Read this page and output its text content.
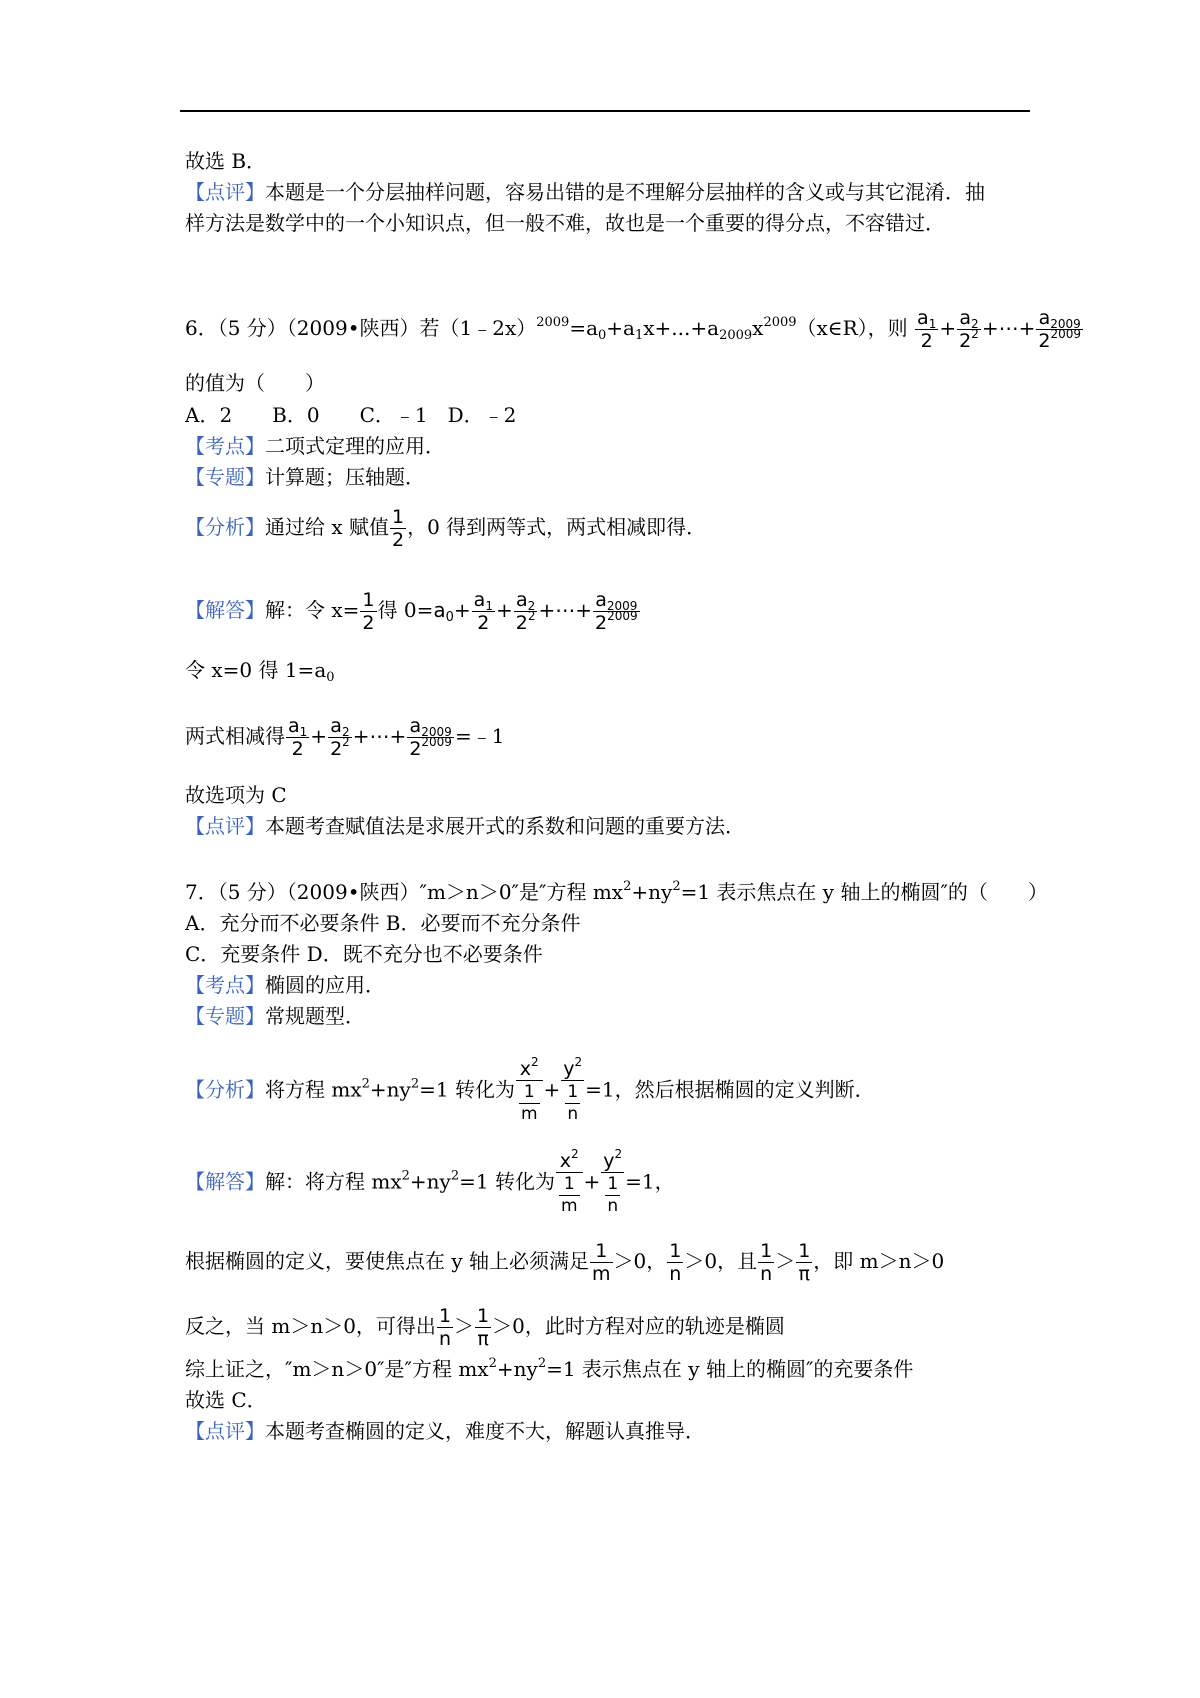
故选 B．
【点评】本题是一个分层抽样问题，容易出错的是不理解分层抽样的含义或与其它混淆．抽
样方法是数学中的一个小知识点，但一般不难，故也是一个重要的得分点，不容错过．
6．（5 分）（2009•陕西）若$(1﹣2x)^{2009}=a_0+a_1x+...+a_{2009}x^{2009}(x\in R)$，则 $\frac{a_1}{2} + \frac{a_2}{2^2}$ +⋯+ $\frac{a_{2009}}{2^{2009}}$
的值为（　　）
A．2　　B．0　　C．﹣1　D．﹣2
【考点】二项式定理的应用．
【专题】计算题；压轴题．
【分析】通过给 x 赋值 $\frac{1}{2}$ ，0 得到两等式，两式相减即得．
【解答】解：令 $x= \frac{1}{2}$ 得 $0=a_0+ \frac{a_1}{2} + \frac{a_2}{2^2}$ +⋯+ $\frac{a_{2009}}{2^{2009}}$
令 x=0 得 $1=a_0$
两式相减得 $\frac{a_1}{2} + \frac{a_2}{2^2}$ +⋯+ $\frac{a_{2009}}{2^{2009}}$ =﹣1
故选项为 C
【点评】本题考查赋值法是求展开式的系数和问题的重要方法．
7．（5 分）（2009•陕西）″m＞n＞0″是″方程 $mx^2+ny^2=1$ 表示焦点在 y 轴上的椭圆″的（　　）
A．充分而不必要条件 B．必要而不充分条件
C．充要条件 D．既不充分也不必要条件
【考点】椭圆的应用．
【专题】常规题型．
【分析】将方程 $mx^2+ny^2=1$ 转化为 $\frac{x^2}{\frac{1}{m}} + \frac{y^2}{\frac{1}{n}} =1$，然后根据椭圆的定义判断．
【解答】解：将方程 $mx^2+ny^2=1$ 转化为 $\frac{x^2}{\frac{1}{m}} + \frac{y^2}{\frac{1}{n}} =1$，
根据椭圆的定义，要使焦点在 y 轴上必须满足 $\frac{1}{m} >0$， $\frac{1}{n} >0$，且 $\frac{1}{n} > \frac{1}{\pi}$ ，即 m＞n＞0
反之，当 m＞n＞0，可得出 $\frac{1}{n} > \frac{1}{\pi} >0$，此时方程对应的轨迹是椭圆
综上证之，″m＞n＞0″是″方程 $mx^2+ny^2=1$ 表示焦点在 y 轴上的椭圆″的充要条件
故选 C．
【点评】本题考查椭圆的定义，难度不大，解题认真推导．
